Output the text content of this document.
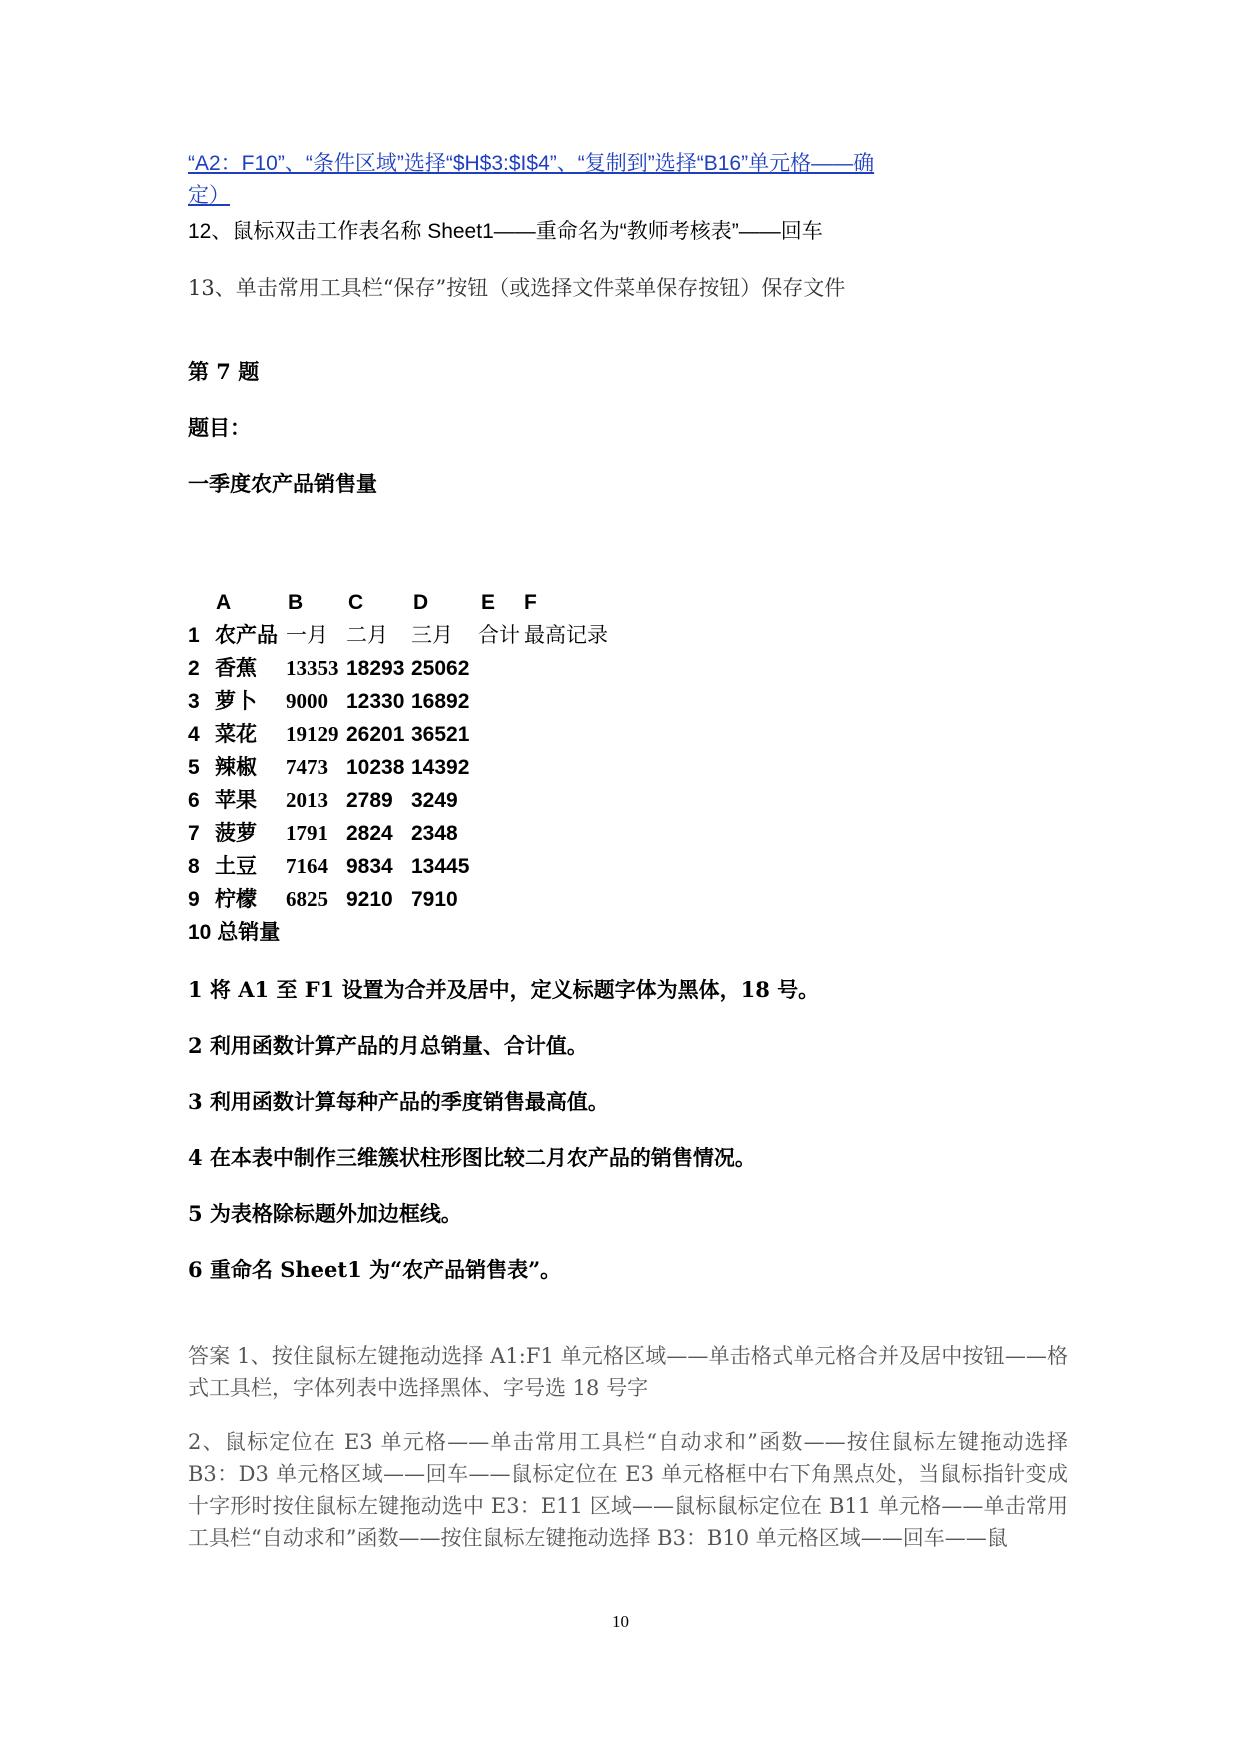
“A2：F10”、“条件区域”选择“$H$3:$I$4”、“复制到”选择“B16”单元格——确
定）

12、鼠标双击工作表名称 Sheet1——重命名为“教师考核表”——回车

13、单击常用工具栏“保存”按钮（或选择文件菜单保存按钮）保存文件

第 7 题

题目：

一季度农产品销售量

A	B C D	E F
1 农产品 一月 二月 三月 合计 最高记录
2 香蕉 13353 18293 25062
3 萝卜 9000 12330 16892
4 菜花 19129 26201 36521
5 辣椒 7473 10238 14392
6 苹果 2013 2789 3249
7 菠萝 1791 2824 2348
8 土豆 7164 9834 13445
9 柠檬 6825 9210 7910
10 总销量

1 将 A1 至 F1 设置为合并及居中，定义标题字体为黑体，18 号。

2 利用函数计算产品的月总销量、合计值。

3 利用函数计算每种产品的季度销售最高值。

4 在本表中制作三维簇状柱形图比较二月农产品的销售情况。

5 为表格除标题外加边框线。

6 重命名 Sheet1 为“农产品销售表”。

答案 1、按住鼠标左键拖动选择 A1:F1 单元格区域——单击格式单元格合并及居中按钮——格式工具栏，字体列表中选择黑体、字号选 18 号字

2、鼠标定位在 E3 单元格——单击常用工具栏“自动求和”函数——按住鼠标左键拖动选择 B3：D3 单元格区域——回车——鼠标定位在 E3 单元格框中右下角黑点处，当鼠标指针变成十字形时按住鼠标左键拖动选中 E3：E11 区域——鼠标鼠标定位在 B11 单元格——单击常用工具栏“自动求和”函数——按住鼠标左键拖动选择 B3：B10 单元格区域——回车——鼠

10
